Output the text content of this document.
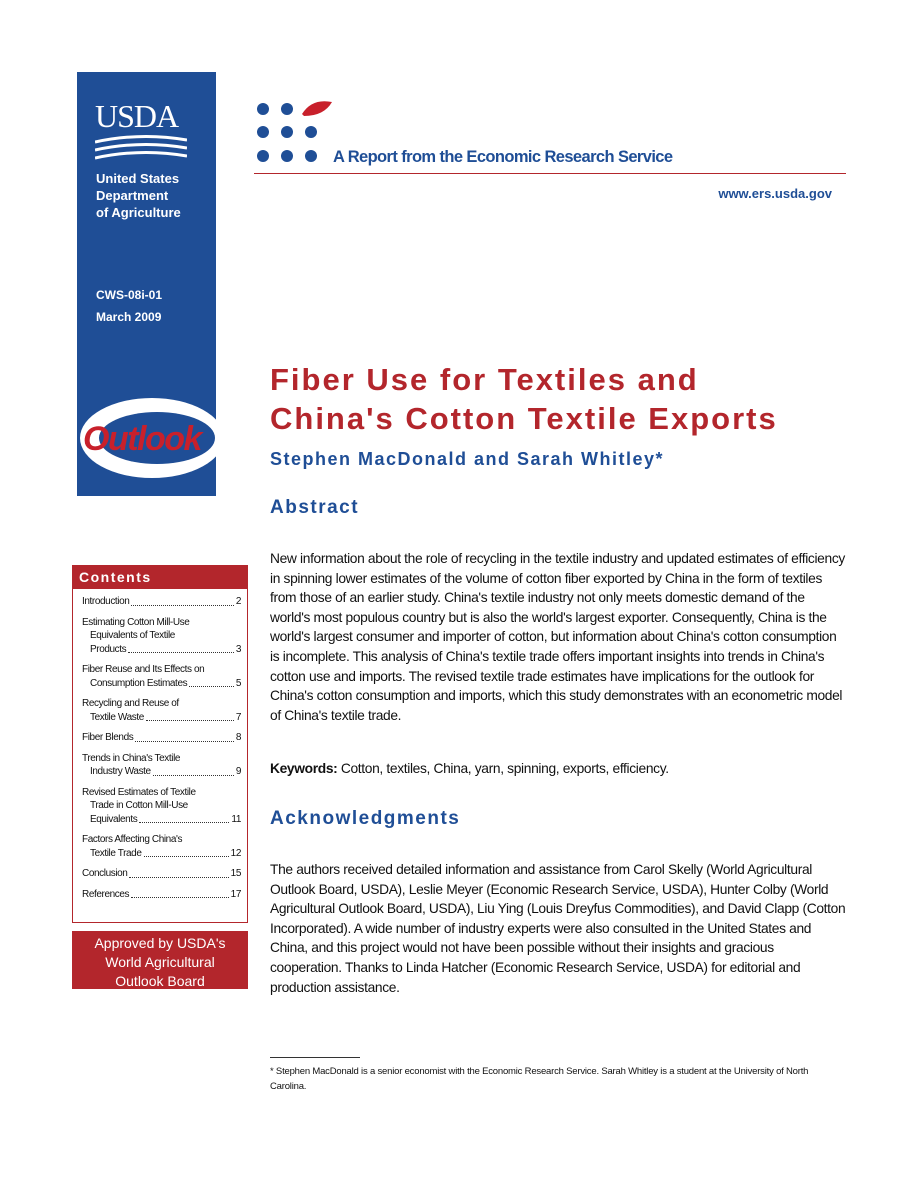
USDA
United States
Department
of Agriculture
CWS-08i-01
March 2009
Outlook
A Report from the Economic Research Service
www.ers.usda.gov
Fiber Use for Textiles and
China's Cotton Textile Exports
Stephen MacDonald and Sarah Whitley*
Abstract

New information about the role of recycling in the textile industry and updated estimates of efficiency in spinning lower estimates of the volume of cotton fiber exported by China in the form of textiles from those of an earlier study. China's textile industry not only meets domestic demand of the world's most populous country but is also the world's largest exporter. Consequently, China is the world's largest consumer and importer of cotton, but information about China's cotton consumption is incomplete. This analysis of China's textile trade offers important insights into trends in China's cotton use and imports. The revised textile trade estimates have implications for the outlook for China's cotton consumption and imports, which this study demonstrates with an econometric model of China's textile trade.

Keywords: Cotton, textiles, China, yarn, spinning, exports, efficiency.

Acknowledgments

The authors received detailed information and assistance from Carol Skelly (World Agricultural Outlook Board, USDA), Leslie Meyer (Economic Research Service, USDA), Hunter Colby (World Agricultural Outlook Board, USDA), Liu Ying (Louis Dreyfus Commodities), and David Clapp (Cotton Incorporated). A wide number of industry experts were also consulted in the United States and China, and this project would not have been possible without their insights and gracious cooperation. Thanks to Linda Hatcher (Economic Research Service, USDA) for editorial and production assistance.

* Stephen MacDonald is a senior economist with the Economic Research Service. Sarah Whitley is a student at the University of North Carolina.

Contents
Introduction	2
Estimating Cotton Mill-Use
Equivalents of Textile
Products	3
Fiber Reuse and Its Effects on
Consumption Estimates	5
Recycling and Reuse of
Textile Waste	7
Fiber Blends	8
Trends in China's Textile
Industry Waste	9
Revised Estimates of Textile
Trade in Cotton Mill-Use
Equivalents	11
Factors Affecting China's
Textile Trade	12
Conclusion	15
References	17
Approved by USDA's
World Agricultural
Outlook Board
